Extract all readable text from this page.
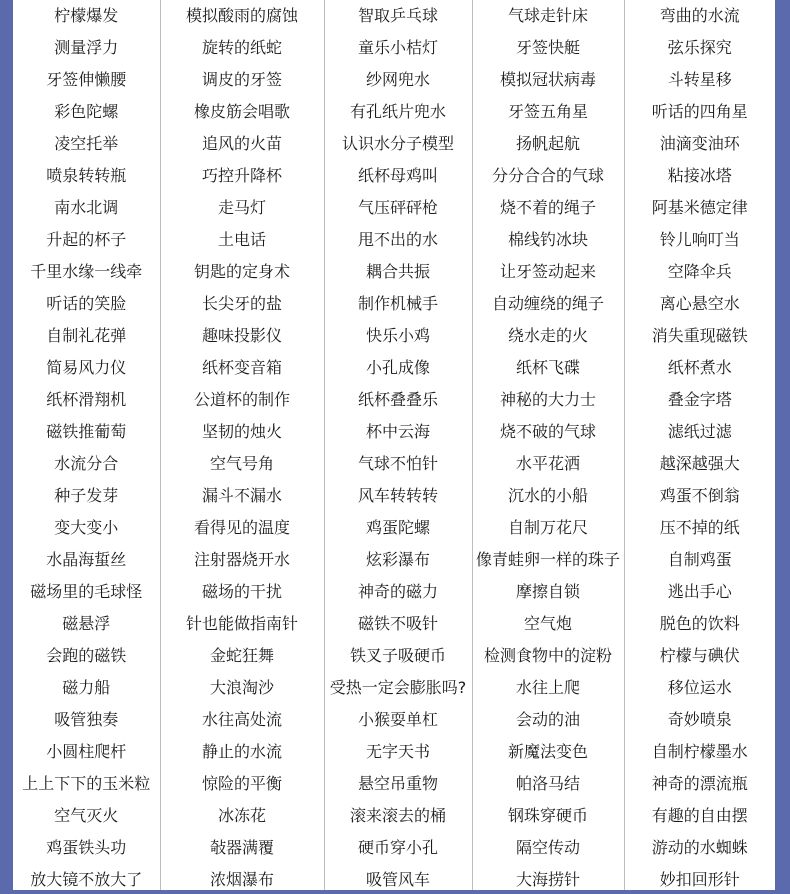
柠檬爆发	模拟酸雨的腐蚀	智取乒乓球	气球走针床	弯曲的水流
测量浮力	旋转的纸蛇	童乐小桔灯	牙签快艇	弦乐探究
牙签伸懒腰	调皮的牙签	纱网兜水	模拟冠状病毒	斗转星移
彩色陀螺	橡皮筋会唱歌	有孔纸片兜水	牙签五角星	听话的四角星
凌空托举	追风的火苗	认识水分子模型	扬帆起航	油滴变油环
喷泉转转瓶	巧控升降杯	纸杯母鸡叫	分分合合的气球	粘接冰塔
南水北调	走马灯	气压砰砰枪	烧不着的绳子	阿基米德定律
升起的杯子	土电话	甩不出的水	棉线钓冰块	铃儿响叮当
千里水缘一线牵	钥匙的定身术	耦合共振	让牙签动起来	空降伞兵
听话的笑脸	长尖牙的盐	制作机械手	自动缠绕的绳子	离心悬空水
自制礼花弹	趣味投影仪	快乐小鸡	绕水走的火	消失重现磁铁
简易风力仪	纸杯变音箱	小孔成像	纸杯飞碟	纸杯煮水
纸杯滑翔机	公道杯的制作	纸杯叠叠乐	神秘的大力士	叠金字塔
磁铁推葡萄	坚韧的烛火	杯中云海	烧不破的气球	滤纸过滤
水流分合	空气号角	气球不怕针	水平花洒	越深越强大
种子发芽	漏斗不漏水	风车转转转	沉水的小船	鸡蛋不倒翁
变大变小	看得见的温度	鸡蛋陀螺	自制万花尺	压不掉的纸
水晶海蜇丝	注射器烧开水	炫彩瀑布	像青蛙卵一样的珠子	自制鸡蛋
磁场里的毛球怪	磁场的干扰	神奇的磁力	摩擦自锁	逃出手心
磁悬浮	针也能做指南针	磁铁不吸针	空气炮	脱色的饮料
会跑的磁铁	金蛇狂舞	铁叉子吸硬币	检测食物中的淀粉	柠檬与碘伏
磁力船	大浪淘沙	受热一定会膨胀吗?	水往上爬	移位运水
吸管独奏	水往高处流	小猴耍单杠	会动的油	奇妙喷泉
小圆柱爬杆	静止的水流	无字天书	新魔法变色	自制柠檬墨水
上上下下的玉米粒	惊险的平衡	悬空吊重物	帕洛马结	神奇的漂流瓶
空气灭火	冰冻花	滚来滚去的桶	钢珠穿硬币	有趣的自由摆
鸡蛋铁头功	敧器满覆	硬币穿小孔	隔空传动	游动的水蜘蛛
放大镜不放大了	浓烟瀑布	吸管风车	大海捞针	妙扣回形针
